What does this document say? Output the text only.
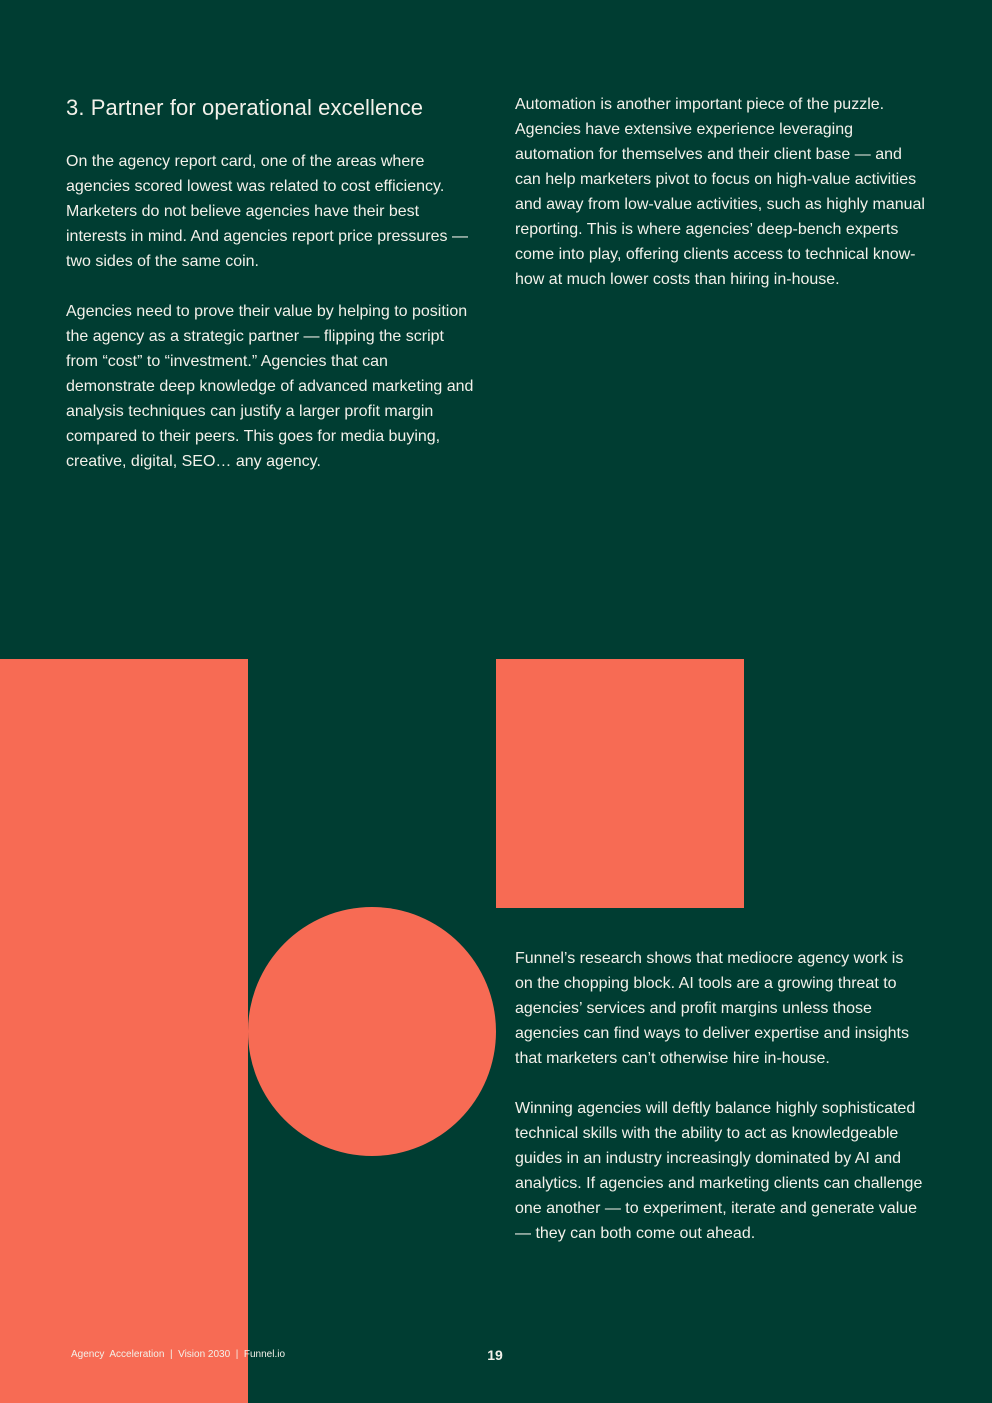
3. Partner for operational excellence

On the agency report card, one of the areas where agencies scored lowest was related to cost efficiency. Marketers do not believe agencies have their best interests in mind. And agencies report price pressures — two sides of the same coin.

Agencies need to prove their value by helping to position the agency as a strategic partner — flipping the script from “cost” to “investment.” Agencies that can demonstrate deep knowledge of advanced marketing and analysis techniques can justify a larger profit margin compared to their peers. This goes for media buying, creative, digital, SEO… any agency.

Automation is another important piece of the puzzle. Agencies have extensive experience leveraging automation for themselves and their client base — and can help marketers pivot to focus on high-value activities and away from low-value activities, such as highly manual reporting. This is where agencies’ deep-bench experts come into play, offering clients access to technical know-how at much lower costs than hiring in-house.

Funnel’s research shows that mediocre agency work is on the chopping block. AI tools are a growing threat to agencies’ services and profit margins unless those agencies can find ways to deliver expertise and insights that marketers can’t otherwise hire in-house.

Winning agencies will deftly balance highly sophisticated technical skills with the ability to act as knowledgeable guides in an industry increasingly dominated by AI and analytics. If agencies and marketing clients can challenge one another — to experiment, iterate and generate value — they can both come out ahead.

Agency  Acceleration  |  Vision 2030  |  Funnel.io	19
